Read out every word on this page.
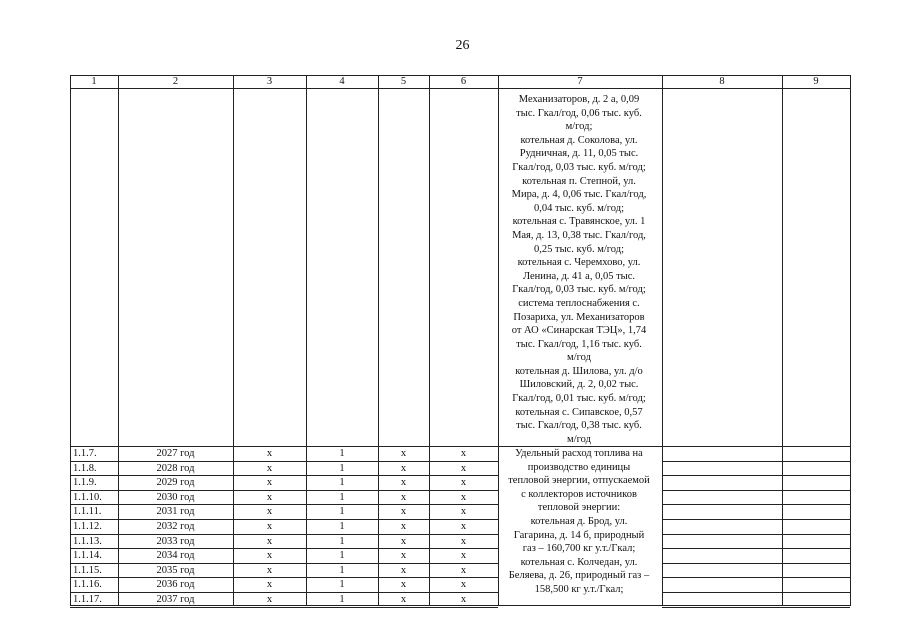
26
1	2	3	4	5	6	7	8	9
Механизаторов, д. 2 а, 0,09
тыс. Гкал/год, 0,06 тыс. куб.
м/год;
котельная д. Соколова, ул.
Рудничная, д. 11, 0,05 тыс.
Гкал/год, 0,03 тыс. куб. м/год;
котельная п. Степной, ул.
Мира, д. 4, 0,06 тыс. Гкал/год,
0,04 тыс. куб. м/год;
котельная с. Травянское, ул. 1
Мая, д. 13, 0,38 тыс. Гкал/год,
0,25 тыс. куб. м/год;
котельная с. Черемхово, ул.
Ленина, д. 41 а, 0,05 тыс.
Гкал/год, 0,03 тыс. куб. м/год;
система теплоснабжения с.
Позариха, ул. Механизаторов
от АО «Синарская ТЭЦ», 1,74
тыс. Гкал/год, 1,16 тыс. куб.
м/год
котельная д. Шилова, ул. д/о
Шиловский, д. 2, 0,02 тыс.
Гкал/год, 0,01 тыс. куб. м/год;
котельная с. Сипавское, 0,57
тыс. Гкал/год, 0,38 тыс. куб.
м/год
1.1.7.	2027 год	х	1	х	х
1.1.8.	2028 год	х	1	х	х
1.1.9.	2029 год	х	1	х	х
1.1.10.	2030 год	х	1	х	х
1.1.11.	2031 год	х	1	х	х
1.1.12.	2032 год	х	1	х	х
1.1.13.	2033 год	х	1	х	х
1.1.14.	2034 год	х	1	х	х
1.1.15.	2035 год	х	1	х	х
1.1.16.	2036 год	х	1	х	х
1.1.17.	2037 год	х	1	х	х
Удельный расход топлива на
производство единицы
тепловой энергии, отпускаемой
с коллекторов источников
тепловой энергии:
котельная д. Брод, ул.
Гагарина, д. 14 б, природный
газ – 160,700 кг у.т./Гкал;
котельная с. Колчедан, ул.
Беляева, д. 26, природный газ –
158,500 кг у.т./Гкал;
